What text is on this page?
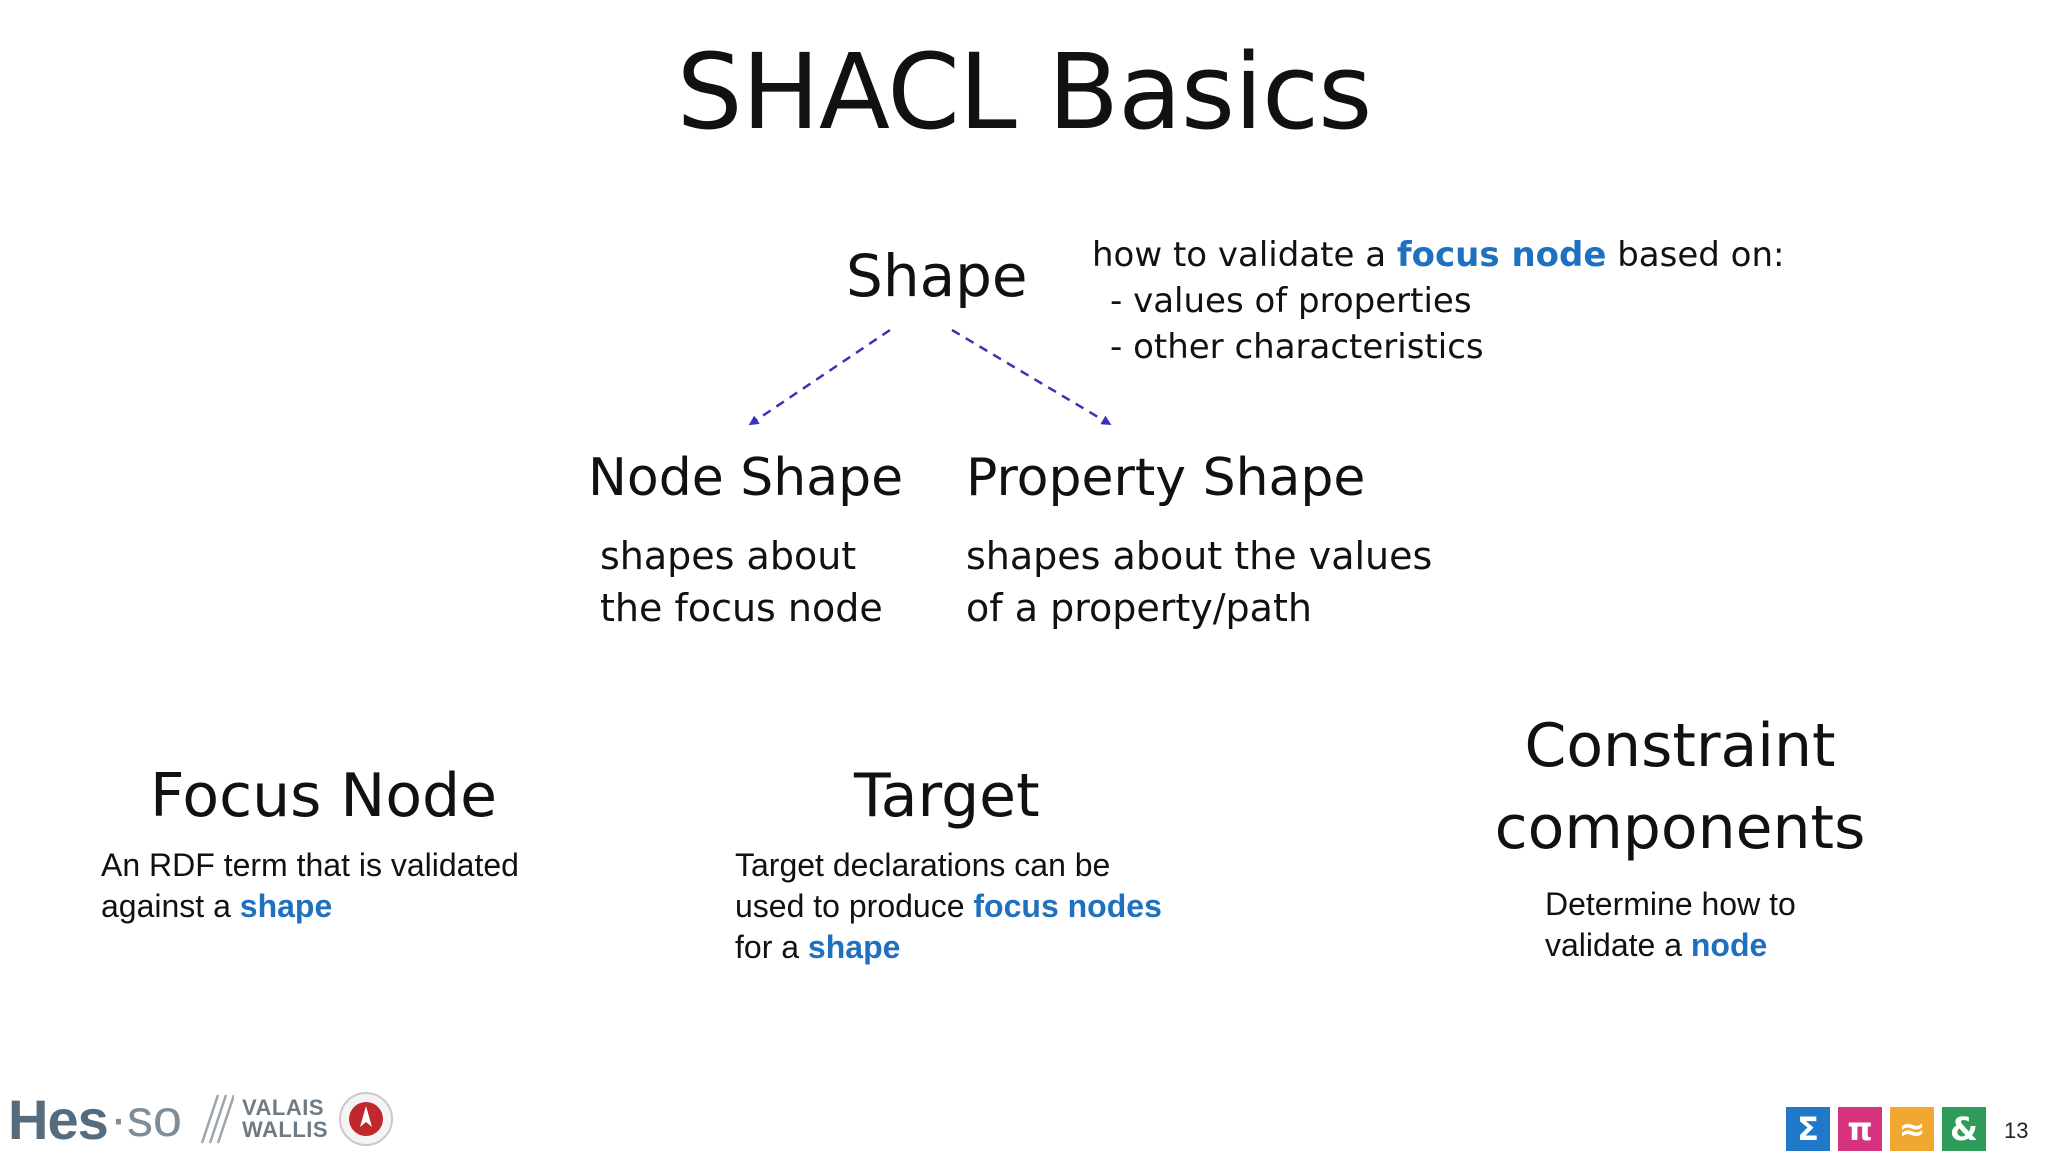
SHACL Basics
Shape how to validate a focus node based on:
- values of properties
- other characteristics
Node Shape
shapes about
the focus node
Property Shape
shapes about the values
of a property/path
Focus Node
An RDF term that is validated
against a shape
Target
Target declarations can be
used to produce focus nodes
for a shape
Constraint
components
Determine how to
validate a node
Hes ·so	VALAIS
WALLIS	Σ π ≈ &	13
